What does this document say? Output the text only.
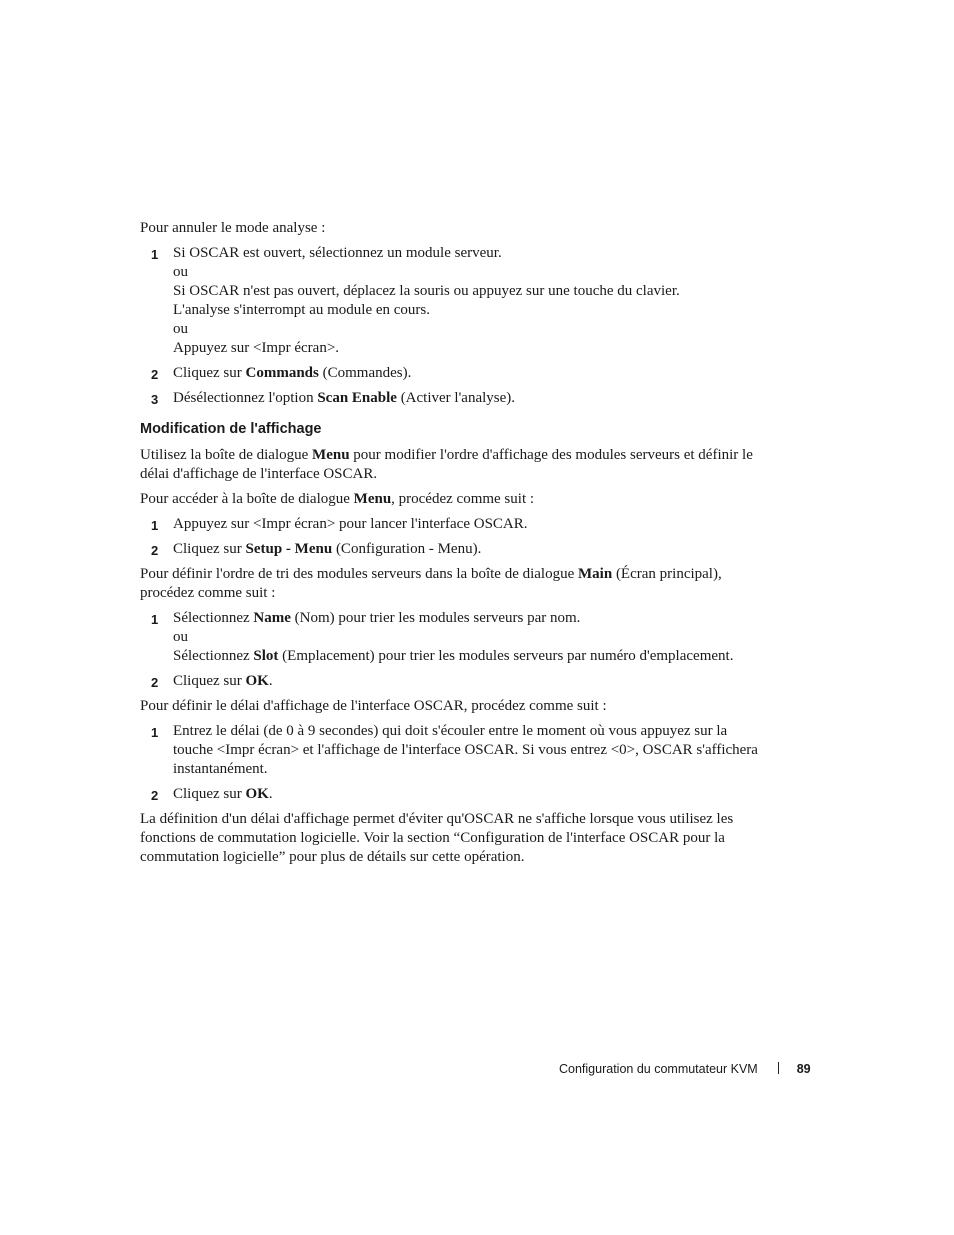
Pour annuler le mode analyse :

1 Si OSCAR est ouvert, sélectionnez un module serveur.
ou
Si OSCAR n'est pas ouvert, déplacez la souris ou appuyez sur une touche du clavier.
L'analyse s'interrompt au module en cours.
ou
Appuyez sur <Impr écran>.
2 Cliquez sur Commands (Commandes).
3 Désélectionnez l'option Scan Enable (Activer l'analyse).
Modification de l'affichage

Utilisez la boîte de dialogue Menu pour modifier l'ordre d'affichage des modules serveurs et définir le délai d'affichage de l'interface OSCAR.

Pour accéder à la boîte de dialogue Menu, procédez comme suit :

1 Appuyez sur <Impr écran> pour lancer l'interface OSCAR.
2 Cliquez sur Setup - Menu (Configuration - Menu).

Pour définir l'ordre de tri des modules serveurs dans la boîte de dialogue Main (Écran principal), procédez comme suit :

1 Sélectionnez Name (Nom) pour trier les modules serveurs par nom.
ou
Sélectionnez Slot (Emplacement) pour trier les modules serveurs par numéro d'emplacement.
2 Cliquez sur OK.

Pour définir le délai d'affichage de l'interface OSCAR, procédez comme suit :

1 Entrez le délai (de 0 à 9 secondes) qui doit s'écouler entre le moment où vous appuyez sur la touche <Impr écran> et l'affichage de l'interface OSCAR. Si vous entrez <0>, OSCAR s'affichera instantanément.
2 Cliquez sur OK.

La définition d'un délai d'affichage permet d'éviter qu'OSCAR ne s'affiche lorsque vous utilisez les fonctions de commutation logicielle. Voir la section “Configuration de l'interface OSCAR pour la commutation logicielle” pour plus de détails sur cette opération.

Configuration du commutateur KVM	89
